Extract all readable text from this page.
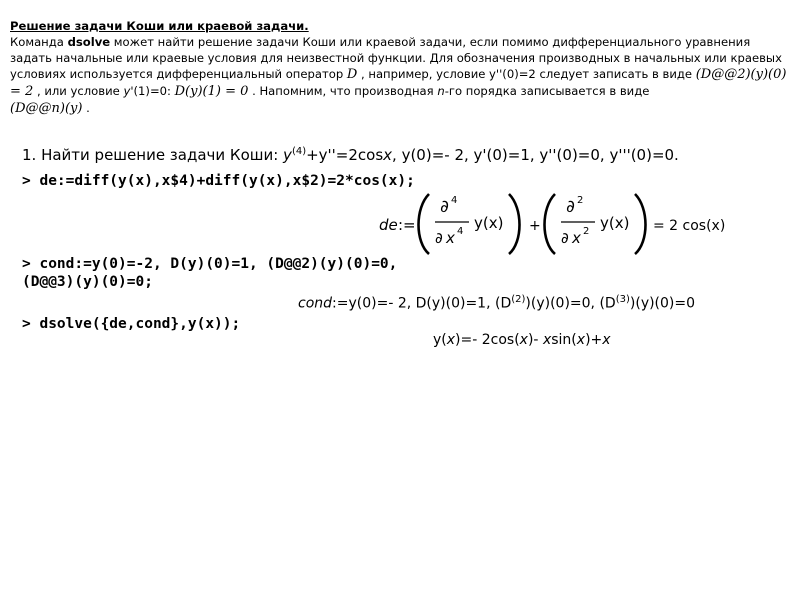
Решение задачи Коши или краевой задачи.
Команда dsolve может найти решение задачи Коши или краевой задачи, если помимо дифференциального уравнения задать начальные или краевые условия для неизвестной функции. Для обозначения производных в начальных или краевых условиях используется дифференциальный оператор D , например, условие y''(0)=2 следует записать в виде (D@@2)(y)(0) = 2 , или условие y'(1)=0: D(y)(1) = 0 . Напомним, что производная n-го порядка записывается в виде
(D@@n)(y) .
1. Найти решение задачи Коши: $y^{(4)}+y''=2\cos x$, y(0)=- 2, y'(0)=1, y''(0)=0, y'''(0)=0.
> de:=diff(y(x),x$4)+diff(y(x),x$2)=2*cos(x);
de :=
∂ 4
∂ x 4 y(x) +
∂ 2
∂ x 2 y(x) = 2 cos(x)
> cond:=y(0)=-2, D(y)(0)=1, (D@@2)(y)(0)=0,
(D@@3)(y)(0)=0;
cond:=y(0)=- 2, D(y)(0)=1, $(D^{(2)})(y)(0)=0$, $(D^{(3)})(y)(0)=0$
> dsolve({de,cond},y(x));
y(x)=- 2cos(x)- xsin(x)+x
